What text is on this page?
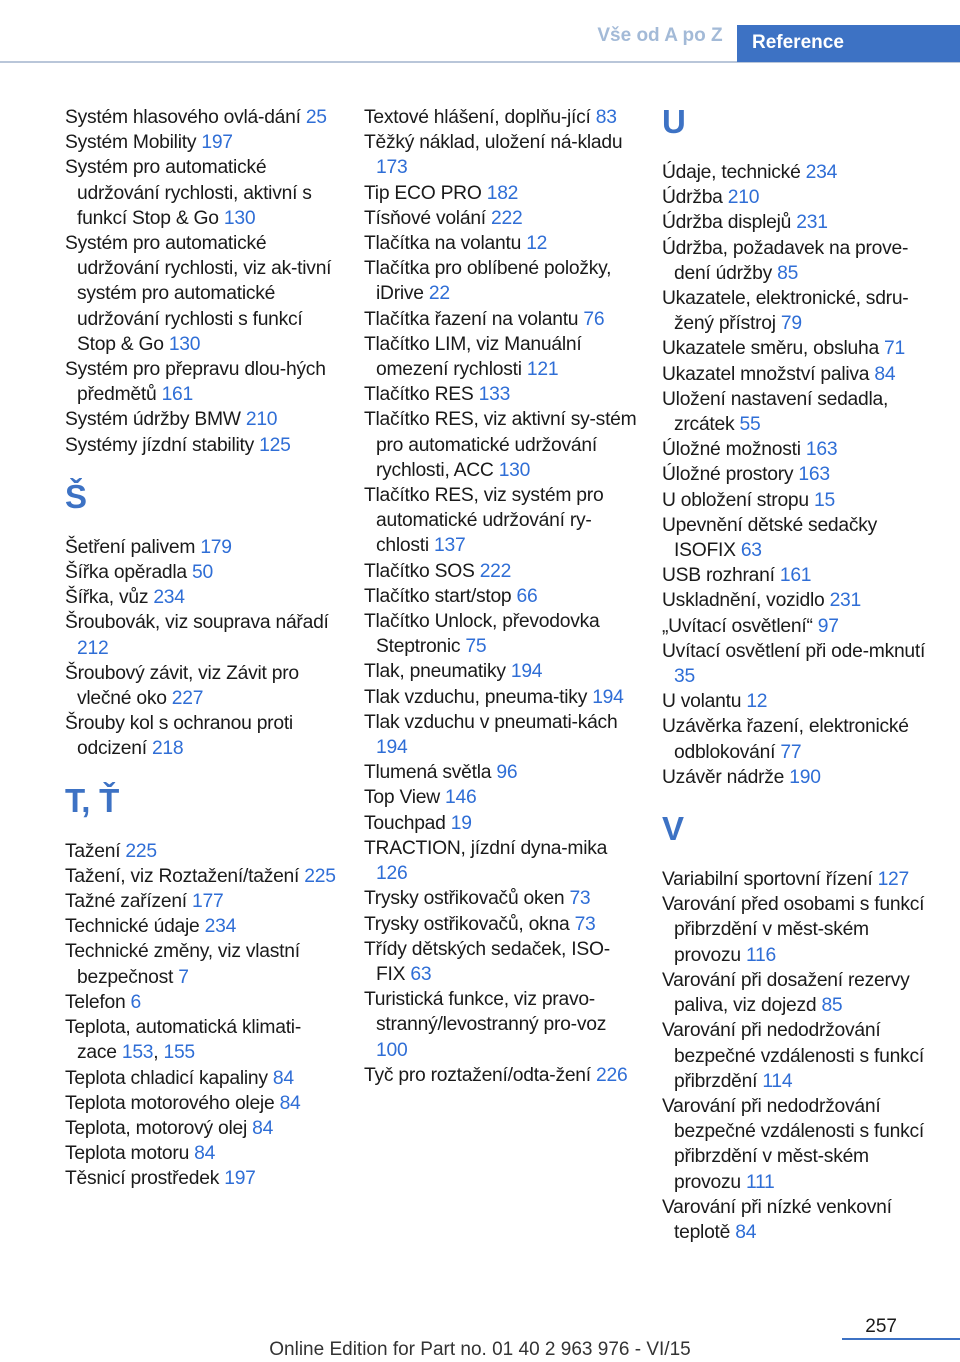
Vše od A po Z	Reference
Systém hlasového ovlá-dání 25
Systém Mobility 197
Systém pro automatické udržování rychlosti, aktivní s funkcí Stop & Go 130
Systém pro automatické udržování rychlosti, viz ak-tivní systém pro automatické udržování rychlosti s funkcí Stop & Go 130
Systém pro přepravu dlou-hých předmětů 161
Systém údržby BMW 210
Systémy jízdní stability 125
Š
Šetření palivem 179
Šířka opěradla 50
Šířka, vůz 234
Šroubovák, viz souprava nářadí 212
Šroubový závit, viz Závit pro vlečné oko 227
Šrouby kol s ochranou proti odcizení 218
T, Ť
Tažení 225
Tažení, viz Roztažení/tažení 225
Tažné zařízení 177
Technické údaje 234
Technické změny, viz vlastní bezpečnost 7
Telefon 6
Teplota, automatická klimati-zace 153, 155
Teplota chladicí kapaliny 84
Teplota motorového oleje 84
Teplota, motorový olej 84
Teplota motoru 84
Těsnicí prostředek 197
Textové hlášení, doplňu-jící 83
Těžký náklad, uložení ná-kladu 173
Tip ECO PRO 182
Tísňové volání 222
Tlačítka na volantu 12
Tlačítka pro oblíbené položky, iDrive 22
Tlačítka řazení na volantu 76
Tlačítko LIM, viz Manuální omezení rychlosti 121
Tlačítko RES 133
Tlačítko RES, viz aktivní sy-stém pro automatické udržování rychlosti, ACC 130
Tlačítko RES, viz systém pro automatické udržování ry-chlosti 137
Tlačítko SOS 222
Tlačítko start/stop 66
Tlačítko Unlock, převodovka Steptronic 75
Tlak, pneumatiky 194
Tlak vzduchu, pneuma-tiky 194
Tlak vzduchu v pneumati-kách 194
Tlumená světla 96
Top View 146
Touchpad 19
TRACTION, jízdní dyna-mika 126
Trysky ostřikovačů oken 73
Trysky ostřikovačů, okna 73
Třídy dětských sedaček, ISO-FIX 63
Turistická funkce, viz pravo-stranný/levostranný pro-voz 100
Tyč pro roztažení/odta-žení 226
U
Údaje, technické 234
Údržba 210
Údržba displejů 231
Údržba, požadavek na prove-dení údržby 85
Ukazatele, elektronické, sdru-žený přístroj 79
Ukazatele směru, obsluha 71
Ukazatel množství paliva 84
Uložení nastavení sedadla, zrcátek 55
Úložné možnosti 163
Úložné prostory 163
U obložení stropu 15
Upevnění dětské sedačky ISOFIX 63
USB rozhraní 161
Uskladnění, vozidlo 231
„Uvítací osvětlení“ 97
Uvítací osvětlení při ode-mknutí 35
U volantu 12
Uzávěrka řazení, elektronické odblokování 77
Uzávěr nádrže 190
V
Variabilní sportovní řízení 127
Varování před osobami s funkcí přibrzdění v měst-ském provozu 116
Varování při dosažení rezervy paliva, viz dojezd 85
Varování při nedodržování bezpečné vzdálenosti s funkcí přibrzdění 114
Varování při nedodržování bezpečné vzdálenosti s funkcí přibrzdění v měst-ském provozu 111
Varování při nízké venkovní teplotě 84
257
Online Edition for Part no. 01 40 2 963 976 - VI/15
